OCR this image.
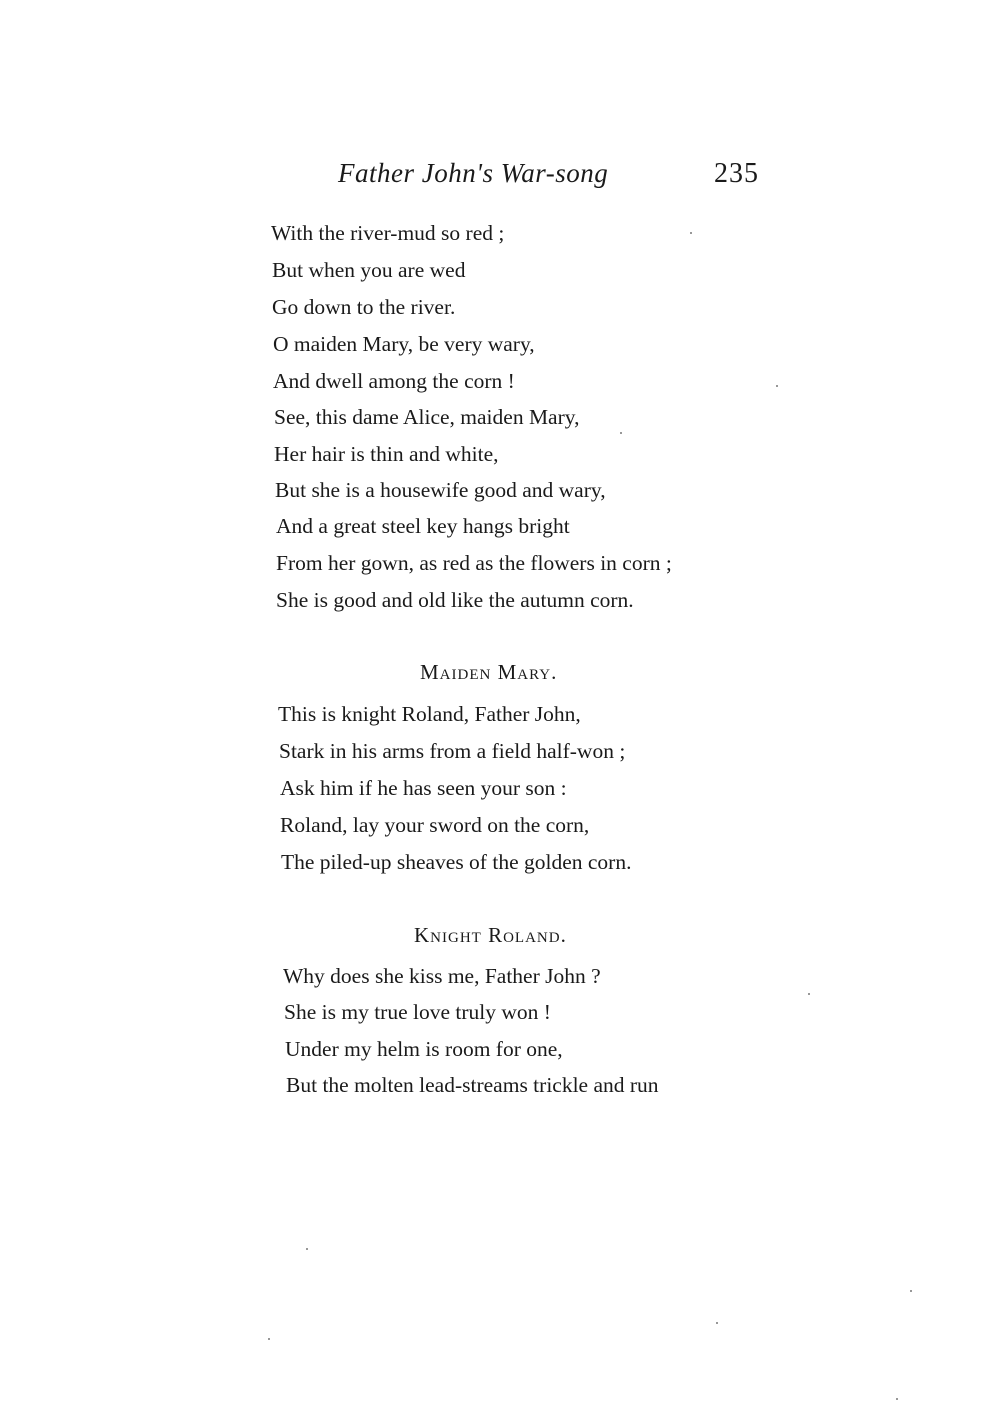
Father John's War-song	235
With the river-mud so red ;
But when you are wed
Go down to the river.
O maiden Mary, be very wary,
And dwell among the corn !
See, this dame Alice, maiden Mary,
Her hair is thin and white,
But she is a housewife good and wary,
And a great steel key hangs bright
From her gown, as red as the flowers in corn ;
She is good and old like the autumn corn.
Maiden Mary.
This is knight Roland, Father John,
Stark in his arms from a field half-won ;
Ask him if he has seen your son :
Roland, lay your sword on the corn,
The piled-up sheaves of the golden corn.
Knight Roland.
Why does she kiss me, Father John ?
She is my true love truly won !
Under my helm is room for one,
But the molten lead-streams trickle and run
